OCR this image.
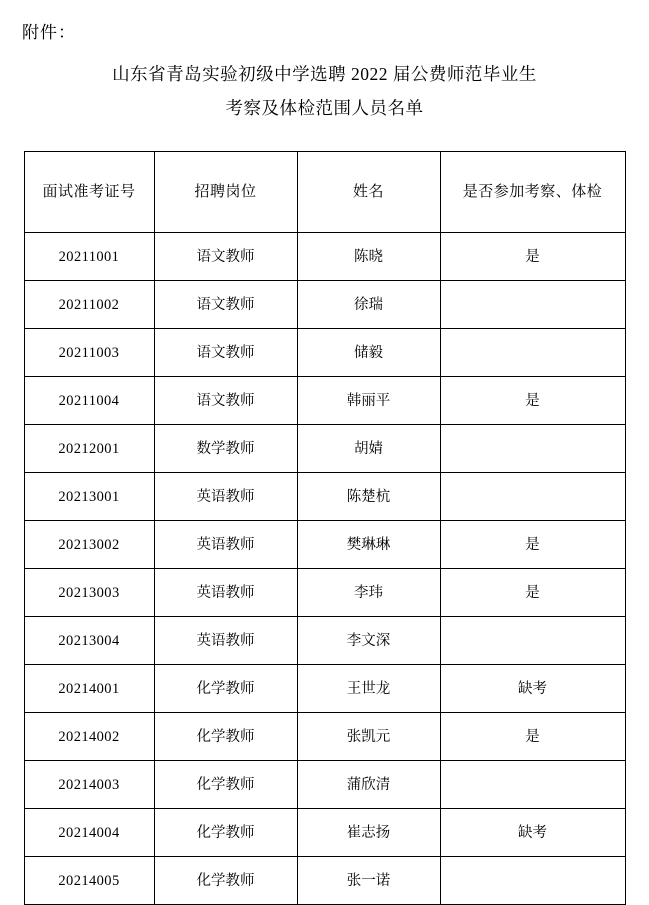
附件：
山东省青岛实验初级中学选聘 2022 届公费师范毕业生
考察及体检范围人员名单
面试准考证号	招聘岗位	姓名	是否参加考察、体检
20211001	语文教师	陈晓	是
20211002	语文教师	徐瑞	
20211003	语文教师	储毅	
20211004	语文教师	韩丽平	是
20212001	数学教师	胡婧	
20213001	英语教师	陈楚杭	
20213002	英语教师	樊琳琳	是
20213003	英语教师	李玮	是
20213004	英语教师	李文深	
20214001	化学教师	王世龙	缺考
20214002	化学教师	张凯元	是
20214003	化学教师	蒲欣清	
20214004	化学教师	崔志扬	缺考
20214005	化学教师	张一诺	
